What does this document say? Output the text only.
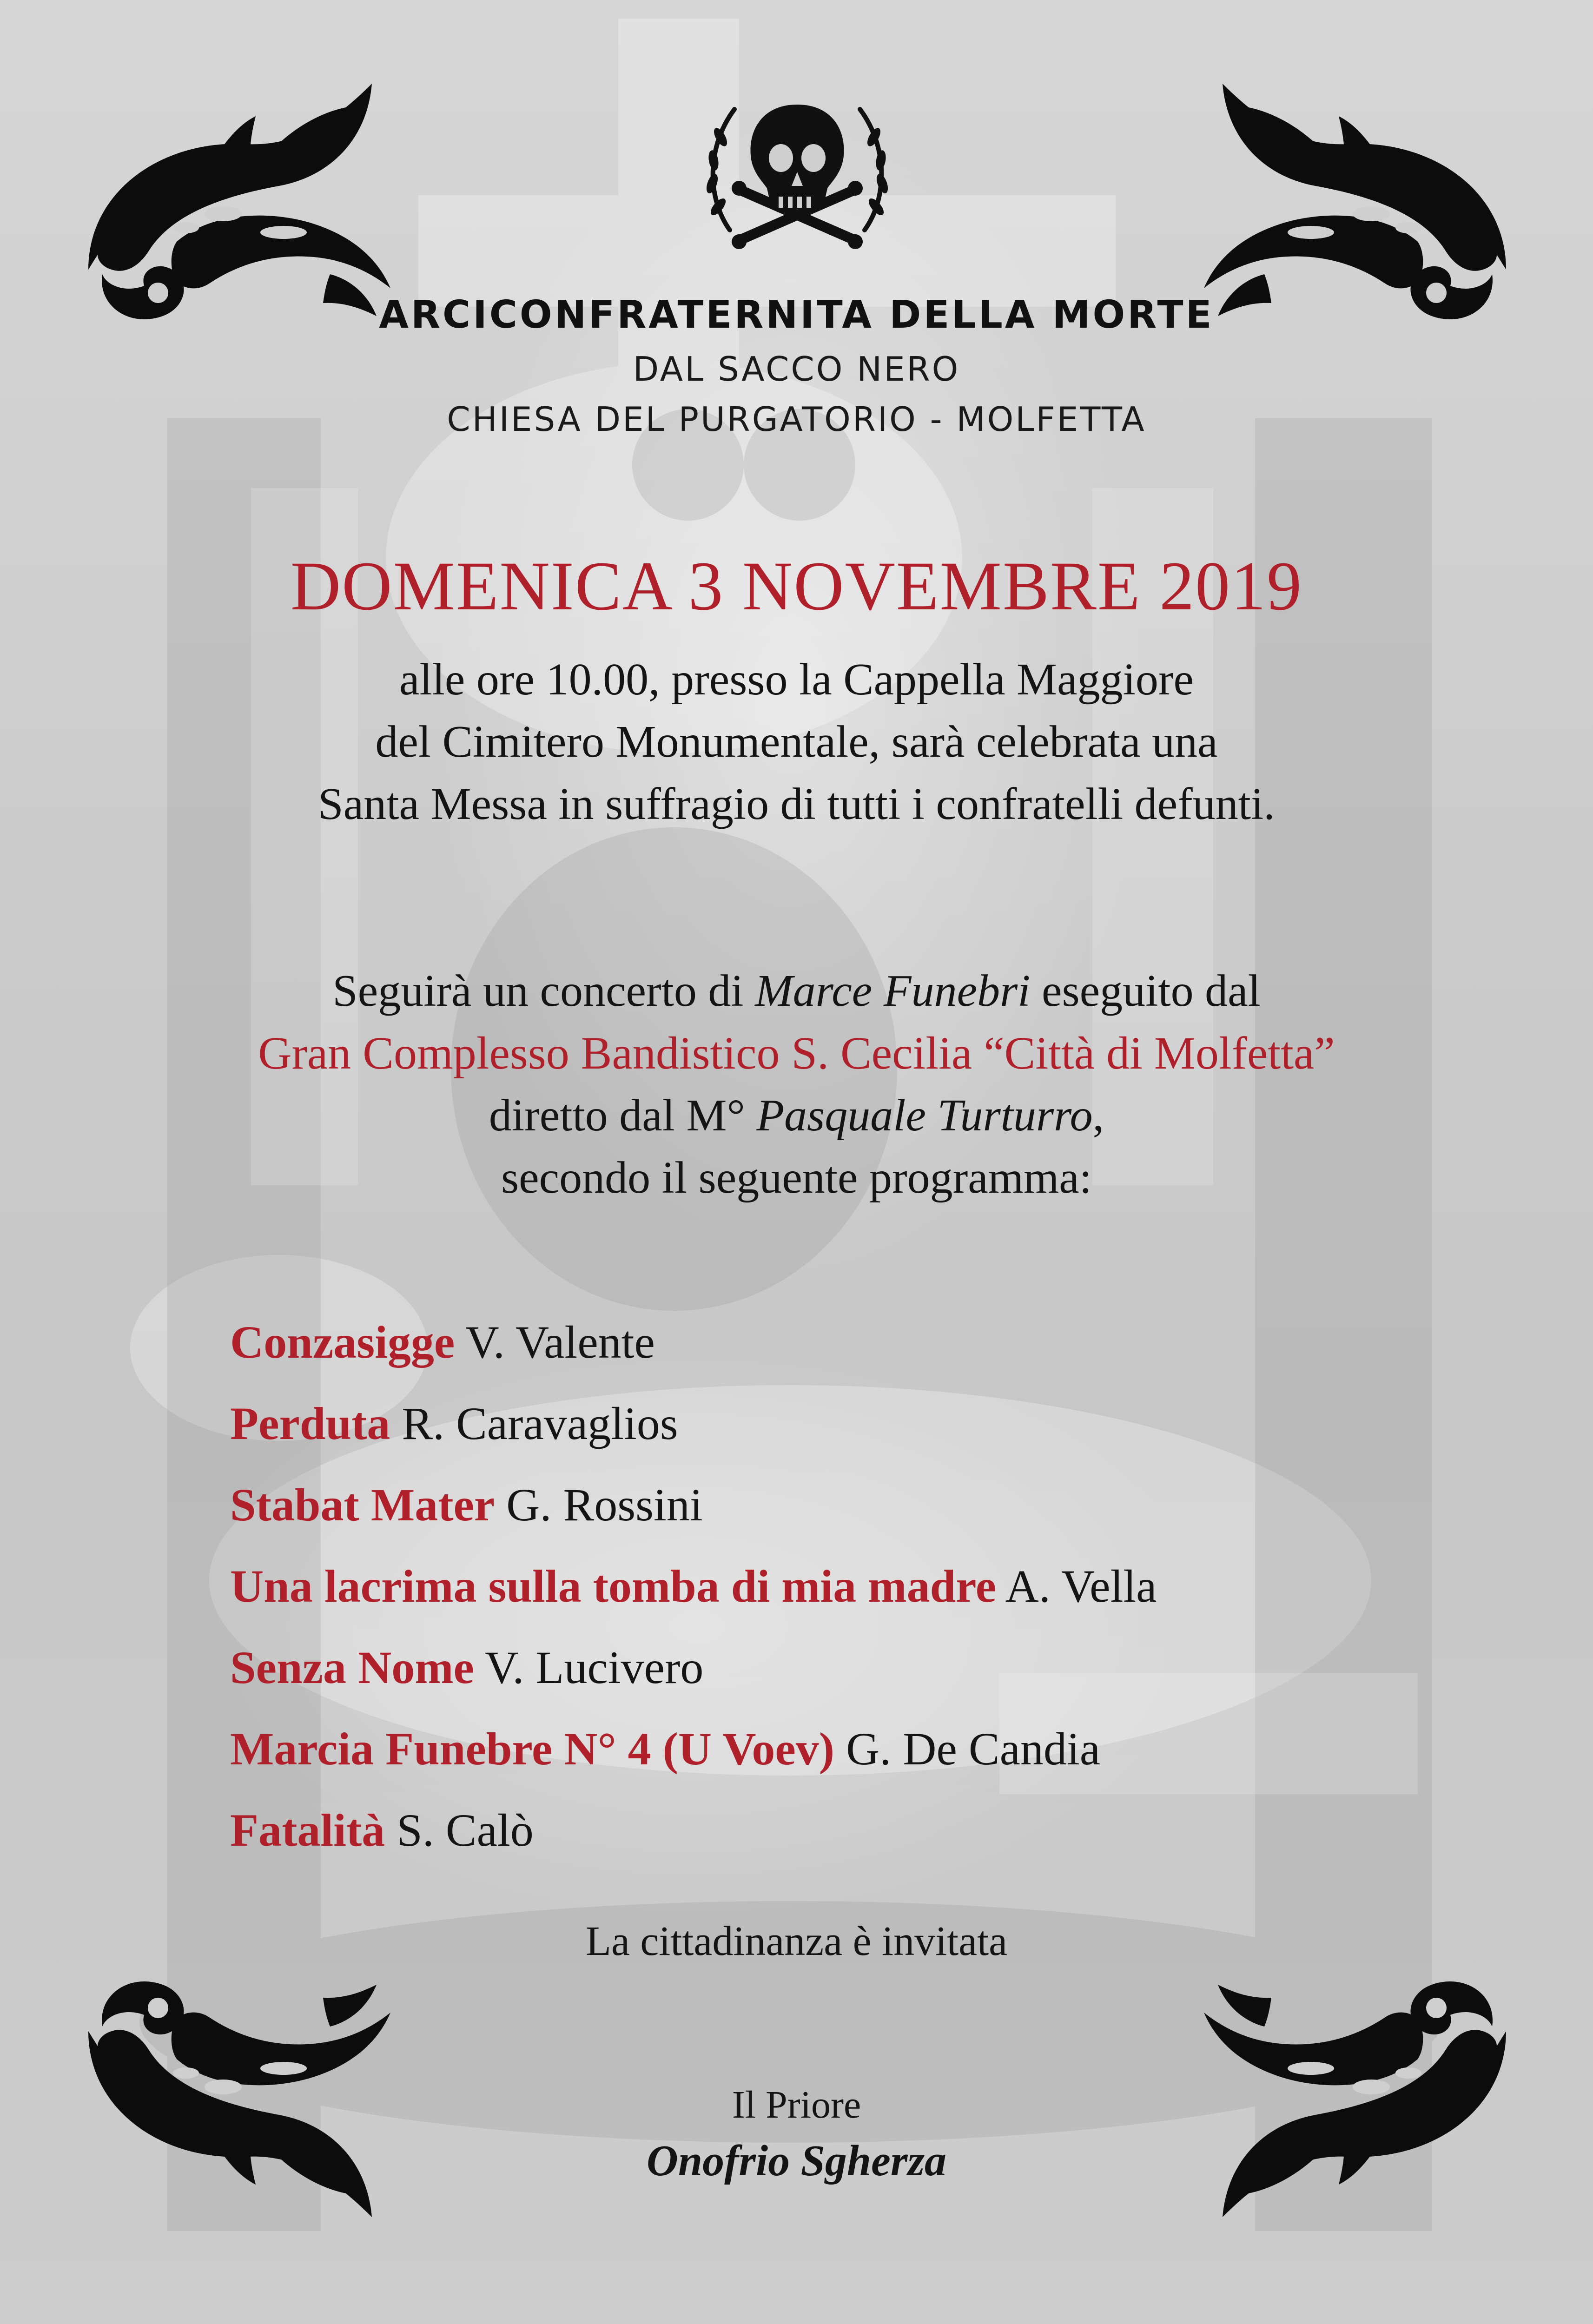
ARCICONFRATERNITA DELLA MORTE
DAL SACCO NERO
CHIESA DEL PURGATORIO - MOLFETTA
DOMENICA 3 NOVEMBRE 2019
alle ore 10.00, presso la Cappella Maggiore
del Cimitero Monumentale, sarà celebrata una
Santa Messa in suffragio di tutti i confratelli defunti.
Seguirà un concerto di Marce Funebri eseguito dal
Gran Complesso Bandistico S. Cecilia “Città di Molfetta”
diretto dal M° Pasquale Turturro,
secondo il seguente programma:
Conzasigge V. Valente
Perduta R. Caravaglios
Stabat Mater G. Rossini
Una lacrima sulla tomba di mia madre A. Vella
Senza Nome V. Lucivero
Marcia Funebre N° 4 (U Voev) G. De Candia
Fatalità S. Calò
La cittadinanza è invitata
Il Priore
Onofrio Sgherza
